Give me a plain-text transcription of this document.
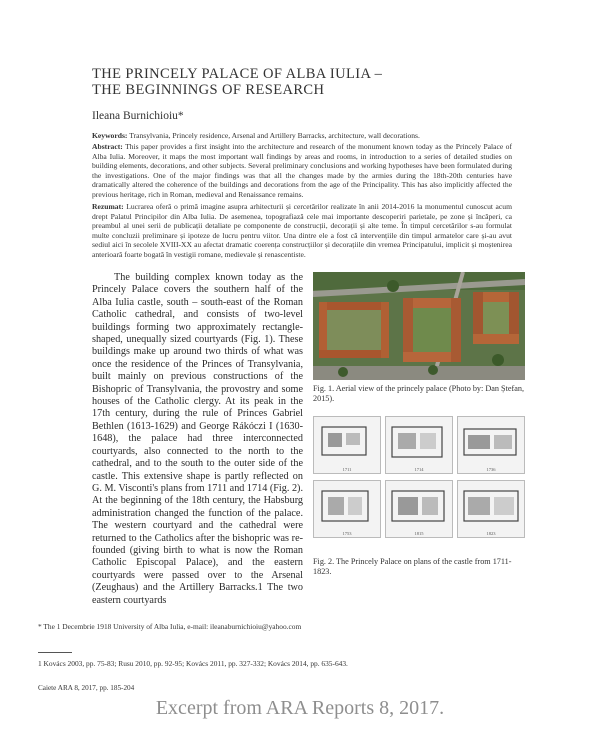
THE PRINCELY PALACE OF ALBA IULIA –
THE BEGINNINGS OF RESEARCH
Ileana Burnichioiu*
Keywords: Transylvania, Princely residence, Arsenal and Artillery Barracks, architecture, wall decorations.
Abstract: This paper provides a first insight into the architecture and research of the monument known today as the Princely Palace of Alba Iulia. Moreover, it maps the most important wall findings by areas and rooms, in introduction to a series of detailed studies on building elements, decorations, and other subjects. Several preliminary conclusions and working hypotheses have been formulated during the investigations. One of the major findings was that all the changes made by the armies during the 18th-20th centuries have dramatically altered the coherence of the buildings and decorations from the age of the Principality. This has also implicitly affected the previous heritage, rich in Roman, medieval and Renaissance remains.
Rezumat: Lucrarea oferă o primă imagine asupra arhitecturii și cercetărilor realizate în anii 2014-2016 la monumentul cunoscut acum drept Palatul Principilor din Alba Iulia. De asemenea, topografiază cele mai importante descoperiri parietale, pe zone și încăperi, ca preambul al unei serii de publicații detaliate pe componente de construcții, decorații și alte teme. În timpul cercetărilor s-au formulat multe concluzii preliminare și ipoteze de lucru pentru viitor. Una dintre ele a fost că intervențiile din timpul armatelor care și-au avut sediul aici în secolele XVIII-XX au afectat dramatic coerența construcțiilor și decorațiile din vremea Principatului, implicit și moștenirea anterioară foarte bogată în vestigii romane, medievale și renascentiste.

The building complex known today as the Princely Palace covers the southern half of the Alba Iulia castle, south – south-east of the Roman Catholic cathedral, and consists of two-level buildings forming two approximately rectangle-shaped, unequally sized courtyards (Fig. 1). These buildings make up around two thirds of what was once the residence of the Princes of Transylvania, built mainly on previous constructions of the Bishopric of Transylvania, the provostry and some houses of the Catholic clergy. At its peak in the 17th century, during the rule of Princes Gabriel Bethlen (1613-1629) and George Rákóczi I (1630-1648), the palace had three interconnected courtyards, also connected to the north to the cathedral, and to the south to the outer side of the castle. This extensive shape is partly reflected on G. M. Visconti's plans from 1711 and 1714 (Fig. 2). At the beginning of the 18th century, the Habsburg administration changed the function of the palace. The western courtyard and the cathedral were returned to the Catholics after the bishopric was re-founded (giving birth to what is now the Roman Catholic Episcopal Palace), and the eastern courtyards were passed over to the Arsenal (Zeughaus) and the Artillery Barracks.1 The two eastern courtyards

Fig. 1. Aerial view of the princely palace (Photo by: Dan Ștefan, 2015).
1711	1714	1736
1753	1815	1823
Fig. 2. The Princely Palace on plans of the castle from 1711-1823.
* The 1 Decembrie 1918 University of Alba Iulia, e-mail: ileanaburnichioiu@yahoo.com
1 Kovács 2003, pp. 75-83; Rusu 2010, pp. 92-95; Kovács 2011, pp. 327-332; Kovács 2014, pp. 635-643.
Caiete ARA 8, 2017, pp. 185-204
Excerpt from ARA Reports 8, 2017.
